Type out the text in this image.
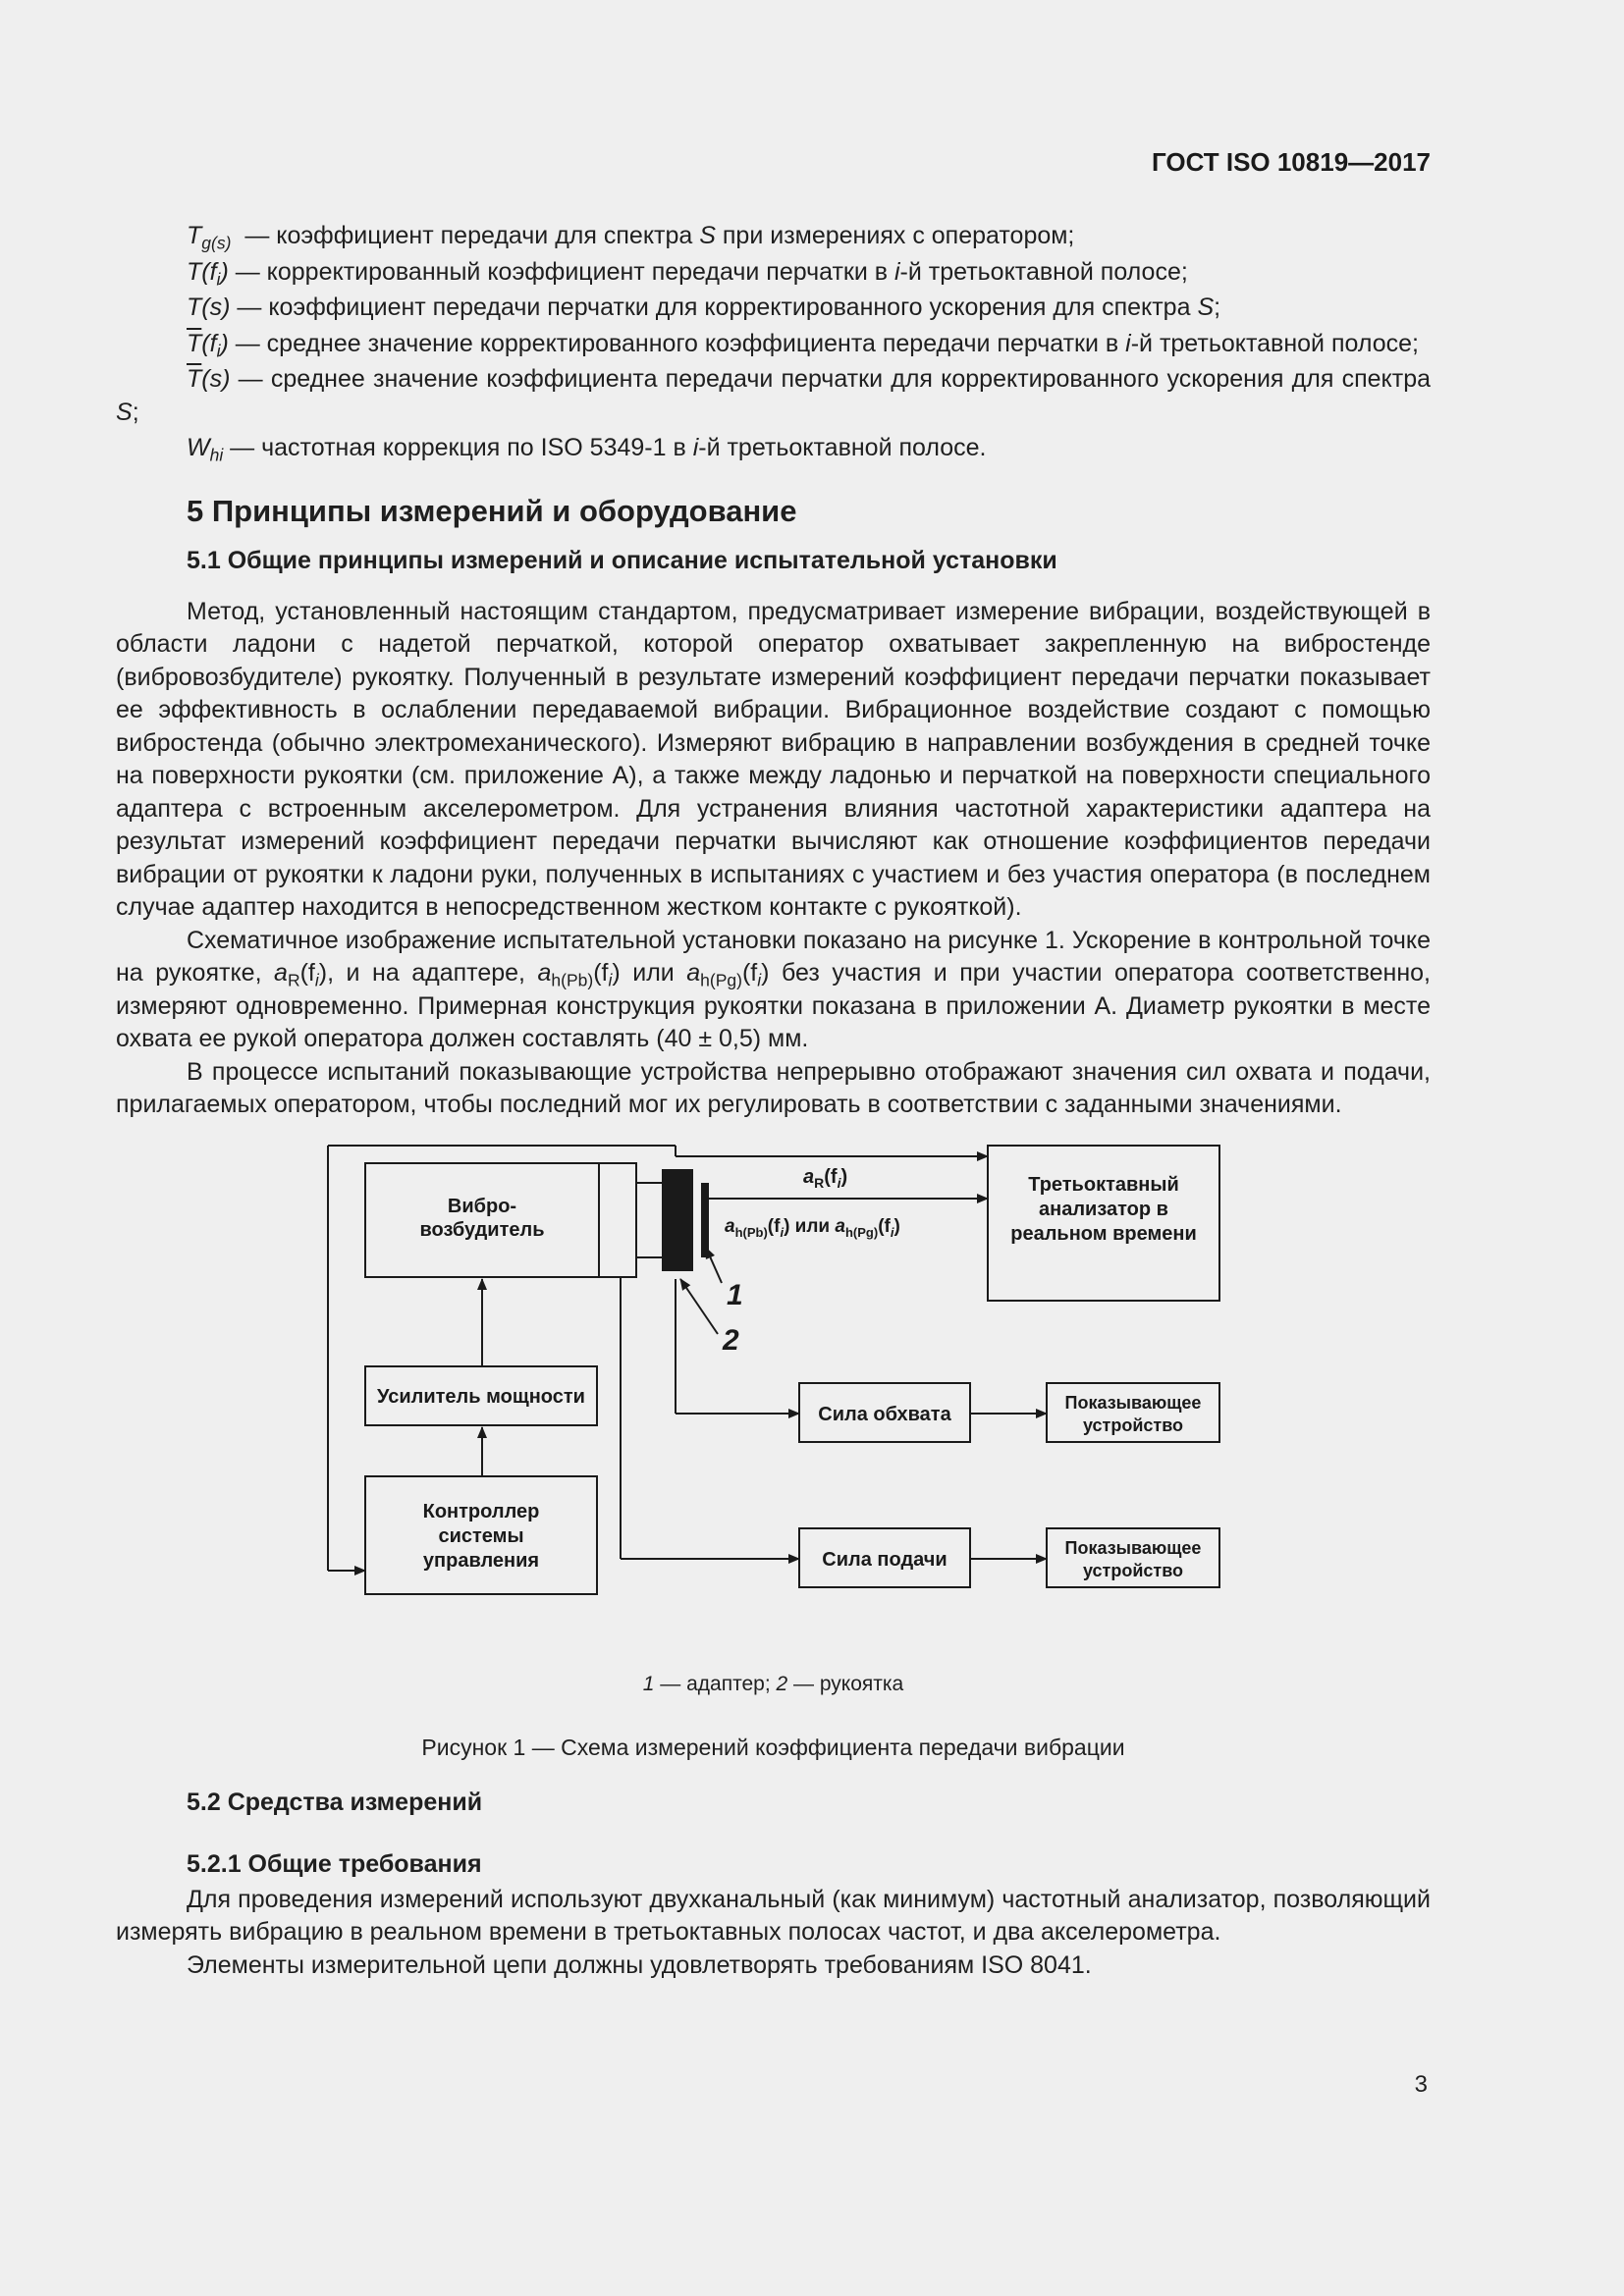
ГОСТ ISO 10819—2017

$T_{g(s)}$  — коэффициент передачи для спектра S при измерениях с оператором;

$T(f_i)$ — корректированный коэффициент передачи перчатки в i-й третьоктавной полосе;

T(s) — коэффициент передачи перчатки для корректированного ускорения для спектра S;

$\overline{T}(f_i)$ — среднее значение корректированного коэффициента передачи перчатки в i-й третьоктавной полосе;

$\overline{T}(s)$ — среднее значение коэффициента передачи перчатки для корректированного ускорения для спектра S;

$W_{hi}$ — частотная коррекция по ISO 5349-1 в i-й третьоктавной полосе.

5 Принципы измерений и оборудование
5.1 Общие принципы измерений и описание испытательной установки

Метод, установленный настоящим стандартом, предусматривает измерение вибрации, воздействующей в области ладони с надетой перчаткой, которой оператор охватывает закрепленную на вибростенде (вибровозбудителе) рукоятку. Полученный в результате измерений коэффициент передачи перчатки показывает ее эффективность в ослаблении передаваемой вибрации. Вибрационное воздействие создают с помощью вибростенда (обычно электромеханического). Измеряют вибрацию в направлении возбуждения в средней точке на поверхности рукоятки (см. приложение А), а также между ладонью и перчаткой на поверхности специального адаптера с встроенным акселерометром. Для устранения влияния частотной характеристики адаптера на результат измерений коэффициент передачи перчатки вычисляют как отношение коэффициентов передачи вибрации от рукоятки к ладони руки, полученных в испытаниях с участием и без участия оператора (в последнем случае адаптер находится в непосредственном жестком контакте с рукояткой).

Схематичное изображение испытательной установки показано на рисунке 1. Ускорение в контрольной точке на рукоятке, $a_R(f_i)$, и на адаптере, $a_{h(Pb)}(f_i)$ или $a_{h(Pg)}(f_i)$ без участия и при участии оператора соответственно, измеряют одновременно. Примерная конструкция рукоятки показана в приложении А. Диаметр рукоятки в месте охвата ее рукой оператора должен составлять (40 ± 0,5) мм.

В процессе испытаний показывающие устройства непрерывно отображают значения сил охвата и подачи, прилагаемых оператором, чтобы последний мог их регулировать в соответствии с заданными значениями.

Вибро-
возбудитель
Усилитель мощности
Контроллер
системы
управления
Третьоктавный
анализатор в
реальном времени
Сила обхвата
Сила подачи
Показывающее
устройство
Показывающее
устройство
$a_R(f_i)$
$a_{h(Pb)}(f_i)$ или $a_{h(Pg)}(f_i)$
1
2
1 — адаптер; 2 — рукоятка
Рисунок 1 — Схема измерений коэффициента передачи вибрации
5.2 Средства измерений
5.2.1 Общие требования

Для проведения измерений используют двухканальный (как минимум) частотный анализатор, позволяющий измерять вибрацию в реальном времени в третьоктавных полосах частот, и два акселерометра.

Элементы измерительной цепи должны удовлетворять требованиям ISO 8041.

3
